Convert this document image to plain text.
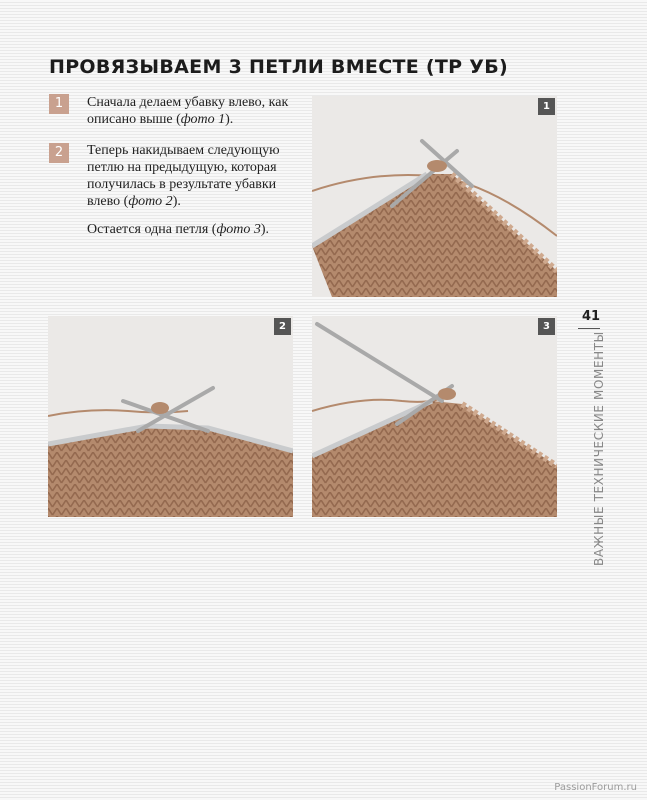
ПРОВЯЗЫВАЕМ 3 ПЕТЛИ ВМЕСТЕ (ТР УБ)
1	Сначала делаем убавку влево, как описано выше (фото 1).
2	Теперь накидываем следующую петлю на предыдущую, которая получилась в результате убавки влево (фото 2).
Остается одна петля (фото 3).
1
2	3
41
ВАЖНЫЕ ТЕХНИЧЕСКИЕ МОМЕНТЫ
PassionForum.ru
